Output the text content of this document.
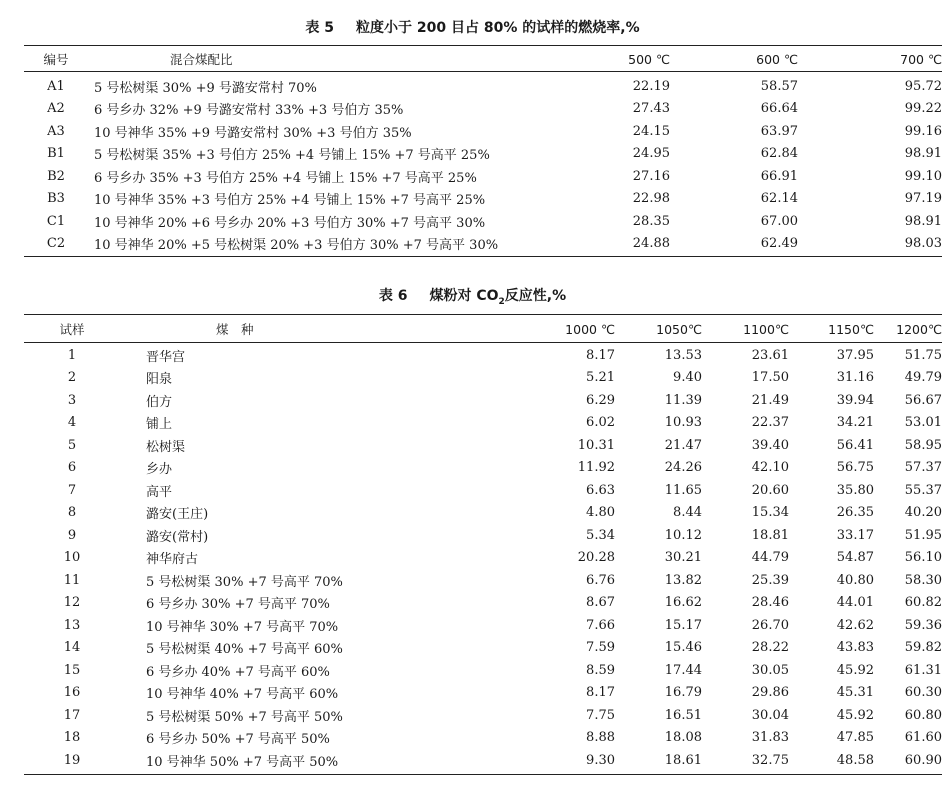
表 5 粒度小于 200 目占 80% 的试样的燃烧率,%
编号	混合煤配比	500 ℃	600 ℃	700 ℃
A1	5 号松树渠 30% +9 号潞安常村 70%	22.19	58.57	95.72
A2	6 号乡办 32% +9 号潞安常村 33% +3 号伯方 35%	27.43	66.64	99.22
A3	10 号神华 35% +9 号潞安常村 30% +3 号伯方 35%	24.15	63.97	99.16
B1	5 号松树渠 35% +3 号伯方 25% +4 号铺上 15% +7 号高平 25%	24.95	62.84	98.91
B2	6 号乡办 35% +3 号伯方 25% +4 号铺上 15% +7 号高平 25%	27.16	66.91	99.10
B3	10 号神华 35% +3 号伯方 25% +4 号铺上 15% +7 号高平 25%	22.98	62.14	97.19
C1	10 号神华 20% +6 号乡办 20% +3 号伯方 30% +7 号高平 30%	28.35	67.00	98.91
C2	10 号神华 20% +5 号松树渠 20% +3 号伯方 30% +7 号高平 30%	24.88	62.49	98.03
表 6 煤粉对 $CO_2$反应性,%
试样	煤　种	1000 ℃	1050℃	1100℃	1150℃	1200℃
1	晋华宫	8.17	13.53	23.61	37.95	51.75
2	阳泉	5.21	9.40	17.50	31.16	49.79
3	伯方	6.29	11.39	21.49	39.94	56.67
4	铺上	6.02	10.93	22.37	34.21	53.01
5	松树渠	10.31	21.47	39.40	56.41	58.95
6	乡办	11.92	24.26	42.10	56.75	57.37
7	高平	6.63	11.65	20.60	35.80	55.37
8	潞安(王庄)	4.80	8.44	15.34	26.35	40.20
9	潞安(常村)	5.34	10.12	18.81	33.17	51.95
10	神华府古	20.28	30.21	44.79	54.87	56.10
11	5 号松树渠 30% +7 号高平 70%	6.76	13.82	25.39	40.80	58.30
12	6 号乡办 30% +7 号高平 70%	8.67	16.62	28.46	44.01	60.82
13	10 号神华 30% +7 号高平 70%	7.66	15.17	26.70	42.62	59.36
14	5 号松树渠 40% +7 号高平 60%	7.59	15.46	28.22	43.83	59.82
15	6 号乡办 40% +7 号高平 60%	8.59	17.44	30.05	45.92	61.31
16	10 号神华 40% +7 号高平 60%	8.17	16.79	29.86	45.31	60.30
17	5 号松树渠 50% +7 号高平 50%	7.75	16.51	30.04	45.92	60.80
18	6 号乡办 50% +7 号高平 50%	8.88	18.08	31.83	47.85	61.60
19	10 号神华 50% +7 号高平 50%	9.30	18.61	32.75	48.58	60.90
